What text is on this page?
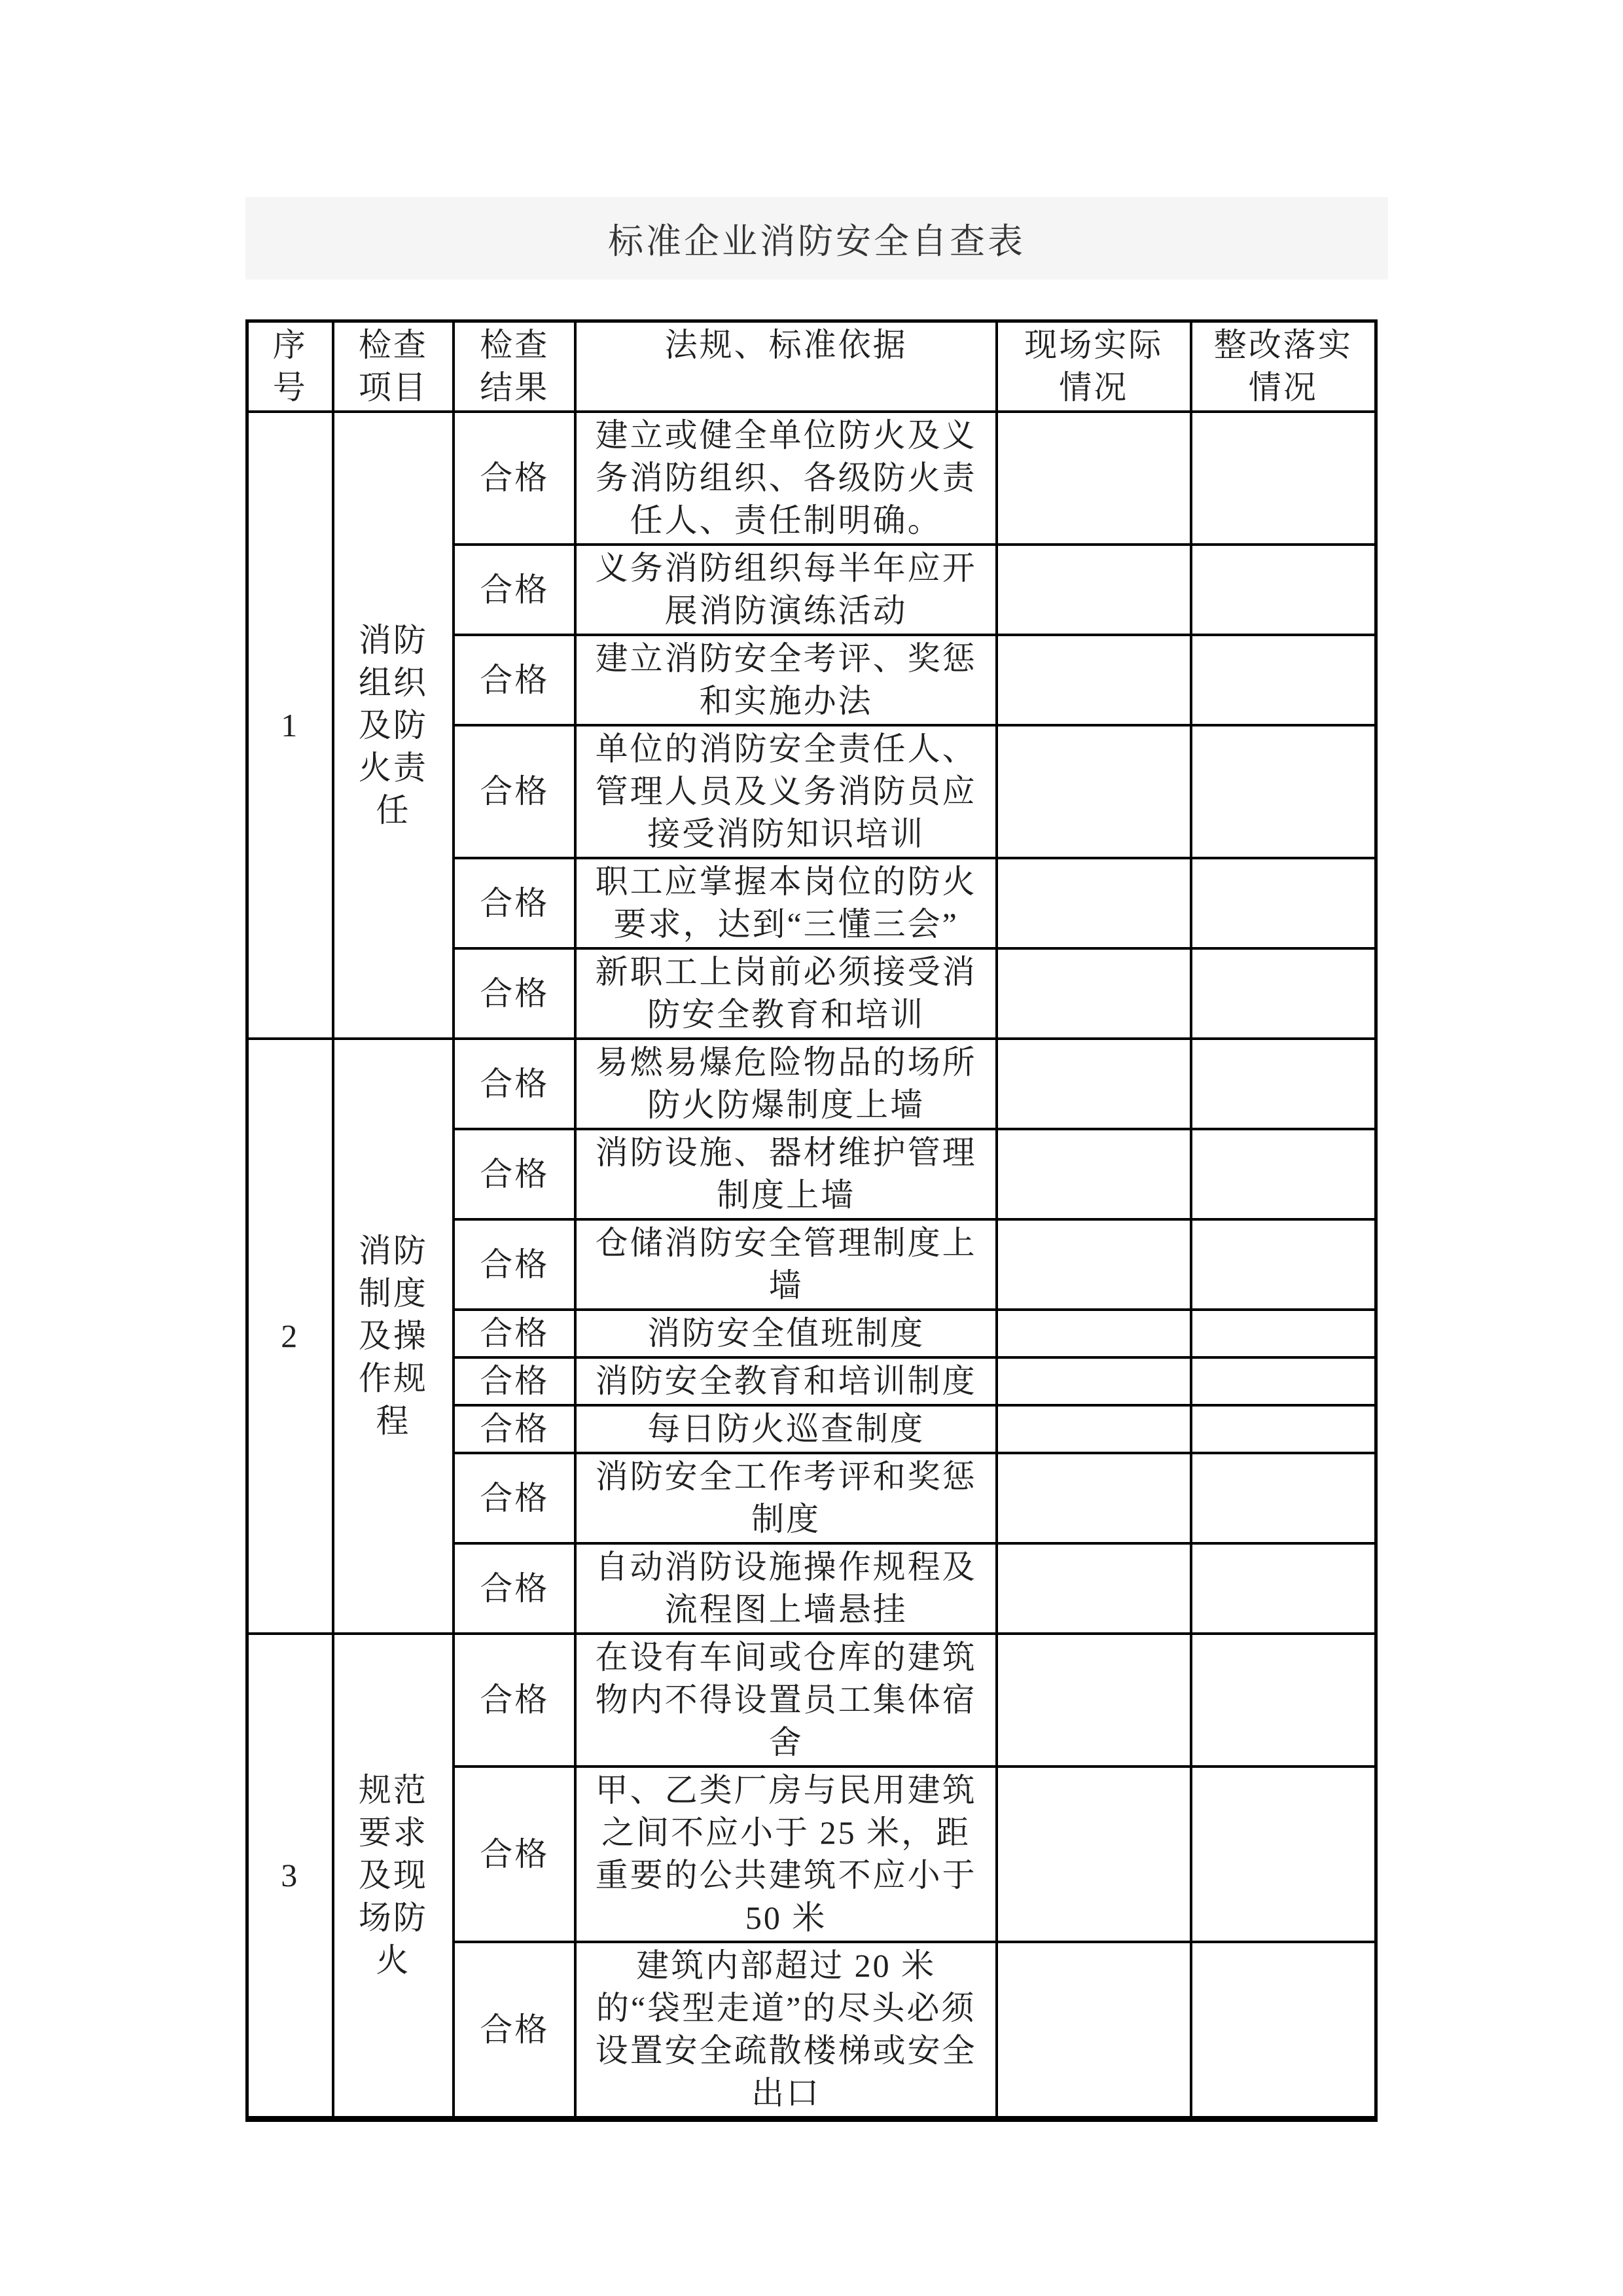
标准企业消防安全自查表
序号	检查项目	检查结果	法规、标准依据	现场实际情况	整改落实情况
1	消防组织及防火责任	合格	建立或健全单位防火及义务消防组织、各级防火责任人、责任制明确。		
		合格	义务消防组织每半年应开展消防演练活动		
		合格	建立消防安全考评、奖惩和实施办法		
		合格	单位的消防安全责任人、管理人员及义务消防员应接受消防知识培训		
		合格	职工应掌握本岗位的防火要求，达到“三懂三会”		
		合格	新职工上岗前必须接受消防安全教育和培训		
2	消防制度及操作规程	合格	易燃易爆危险物品的场所防火防爆制度上墙		
		合格	消防设施、器材维护管理制度上墙		
		合格	仓储消防安全管理制度上墙		
		合格	消防安全值班制度		
		合格	消防安全教育和培训制度		
		合格	每日防火巡查制度		
		合格	消防安全工作考评和奖惩制度		
		合格	自动消防设施操作规程及流程图上墙悬挂		
3	规范要求及现场防火	合格	在设有车间或仓库的建筑物内不得设置员工集体宿舍		
		合格	甲、乙类厂房与民用建筑之间不应小于 25 米，距重要的公共建筑不应小于 50 米		
		合格	建筑内部超过 20 米的“袋型走道”的尽头必须设置安全疏散楼梯或安全出口		
